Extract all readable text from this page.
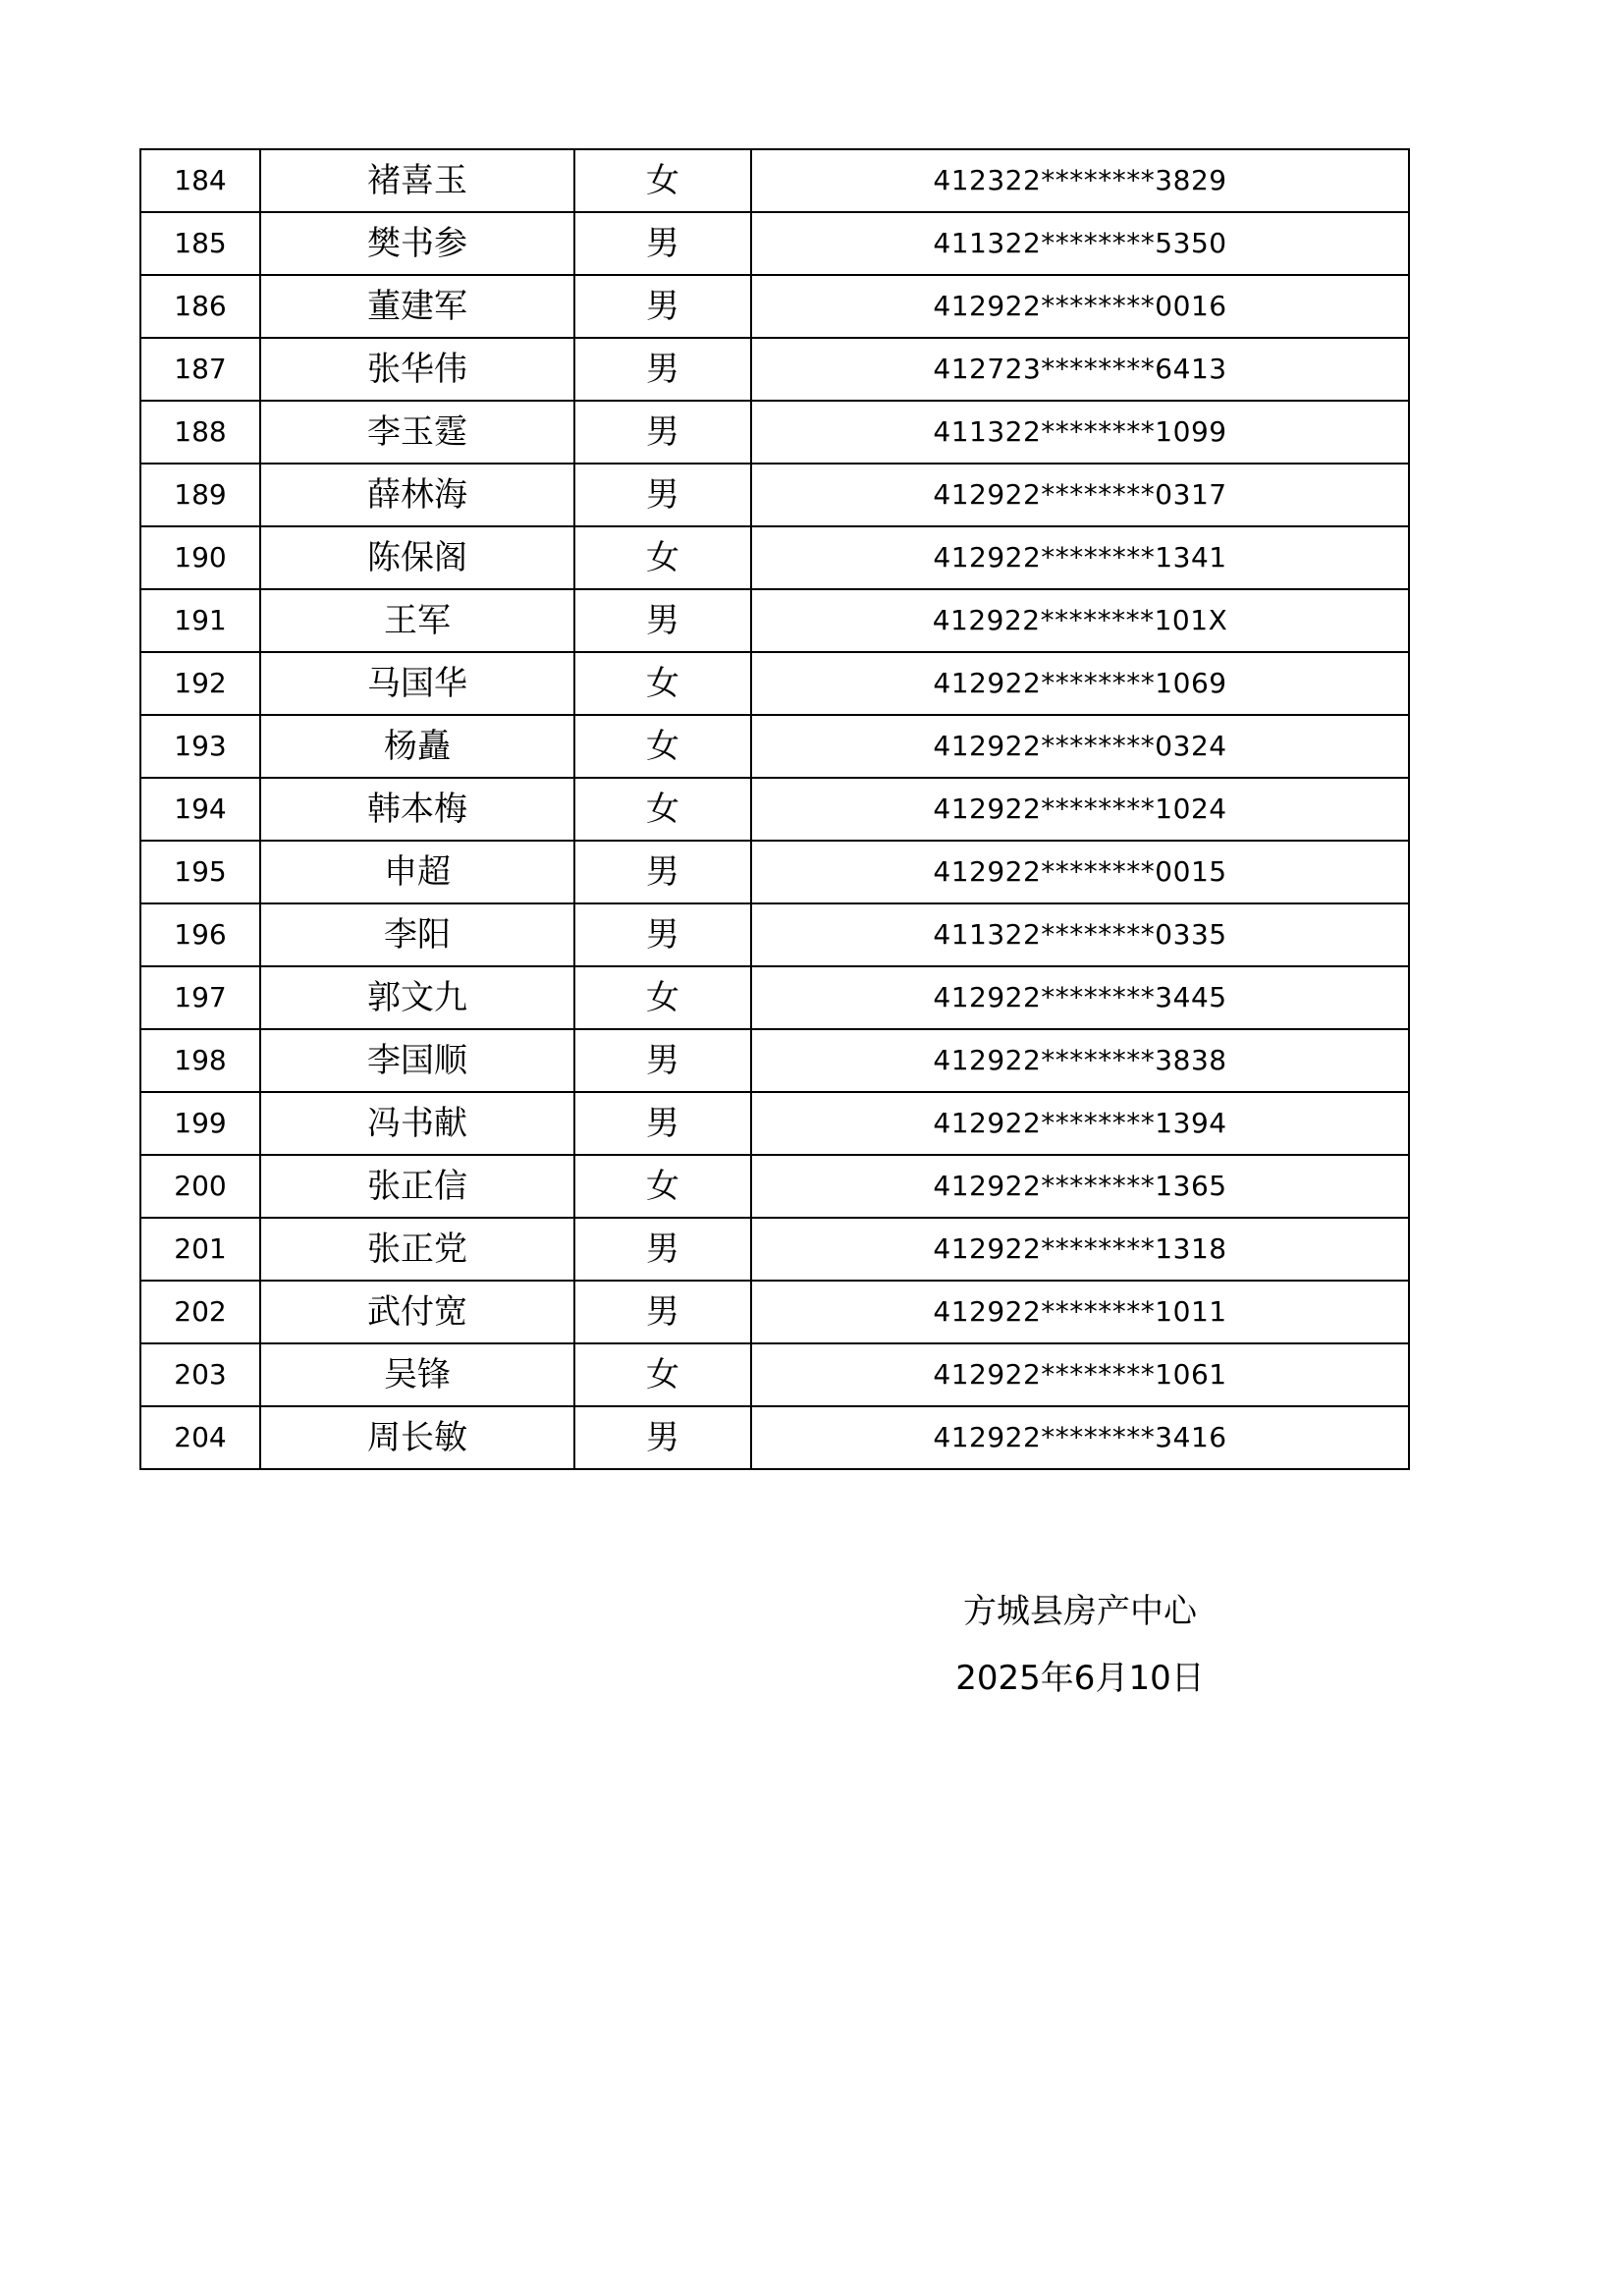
184	褚喜玉	女	412322********3829
185	樊书参	男	411322********5350
186	董建军	男	412922********0016
187	张华伟	男	412723********6413
188	李玉霆	男	411322********1099
189	薛林海	男	412922********0317
190	陈保阁	女	412922********1341
191	王军	男	412922********101X
192	马国华	女	412922********1069
193	杨矗	女	412922********0324
194	韩本梅	女	412922********1024
195	申超	男	412922********0015
196	李阳	男	411322********0335
197	郭文九	女	412922********3445
198	李国顺	男	412922********3838
199	冯书献	男	412922********1394
200	张正信	女	412922********1365
201	张正党	男	412922********1318
202	武付宽	男	412922********1011
203	吴锋	女	412922********1061
204	周长敏	男	412922********3416
方城县房产中心
2025年6月10日
